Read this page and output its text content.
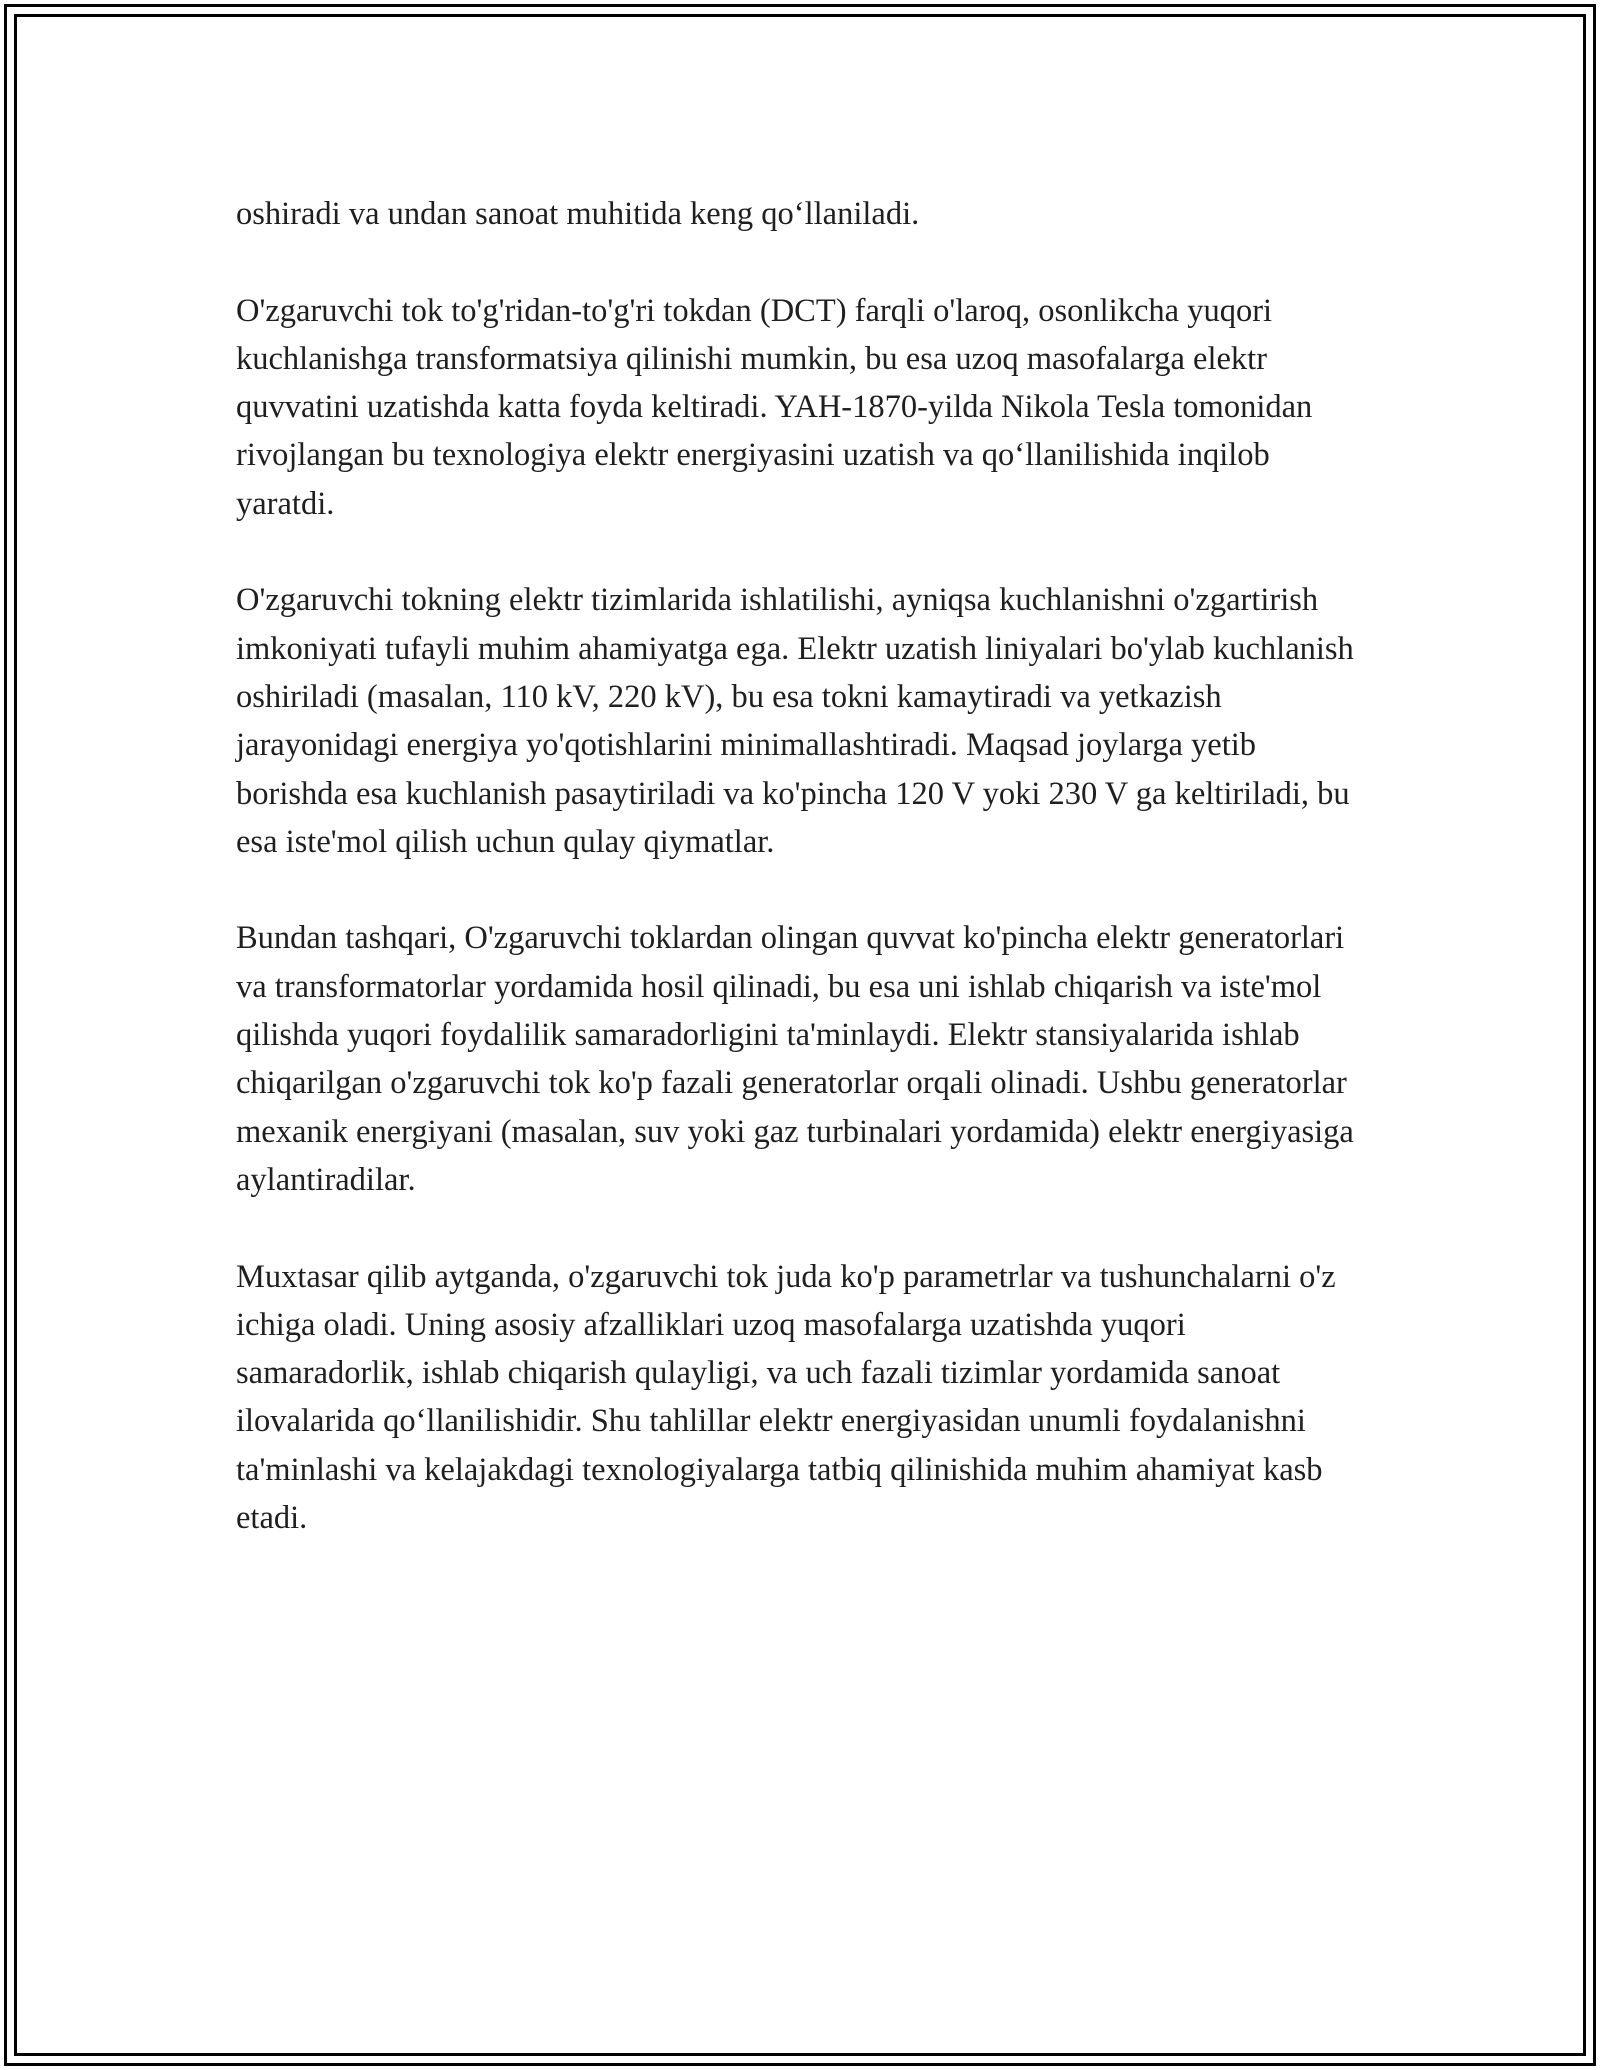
oshiradi va undan sanoat muhitida keng qo‘llaniladi.

O'zgaruvchi tok to'g'ridan-to'g'ri tokdan (DCT) farqli o'laroq, osonlikcha yuqori kuchlanishga transformatsiya qilinishi mumkin, bu esa uzoq masofalarga elektr quvvatini uzatishda katta foyda keltiradi. YAH-1870-yilda Nikola Tesla tomonidan rivojlangan bu texnologiya elektr energiyasini uzatish va qo‘llanilishida inqilob yaratdi.

O'zgaruvchi tokning elektr tizimlarida ishlatilishi, ayniqsa kuchlanishni o'zgartirish imkoniyati tufayli muhim ahamiyatga ega. Elektr uzatish liniyalari bo'ylab kuchlanish oshiriladi (masalan, 110 kV, 220 kV), bu esa tokni kamaytiradi va yetkazish jarayonidagi energiya yo'qotishlarini minimallashtiradi. Maqsad joylarga yetib borishda esa kuchlanish pasaytiriladi va ko'pincha 120 V yoki 230 V ga keltiriladi, bu esa iste'mol qilish uchun qulay qiymatlar.

Bundan tashqari, O'zgaruvchi toklardan olingan quvvat ko'pincha elektr generatorlari va transformatorlar yordamida hosil qilinadi, bu esa uni ishlab chiqarish va iste'mol qilishda yuqori foydalilik samaradorligini ta'minlaydi. Elektr stansiyalarida ishlab chiqarilgan o'zgaruvchi tok ko'p fazali generatorlar orqali olinadi. Ushbu generatorlar mexanik energiyani (masalan, suv yoki gaz turbinalari yordamida) elektr energiyasiga aylantiradilar.

Muxtasar qilib aytganda, o'zgaruvchi tok juda ko'p parametrlar va tushunchalarni o'z ichiga oladi. Uning asosiy afzalliklari uzoq masofalarga uzatishda yuqori samaradorlik, ishlab chiqarish qulayligi, va uch fazali tizimlar yordamida sanoat ilovalarida qo‘llanilishidir. Shu tahlillar elektr energiyasidan unumli foydalanishni ta'minlashi va kelajakdagi texnologiyalarga tatbiq qilinishida muhim ahamiyat kasb etadi.
